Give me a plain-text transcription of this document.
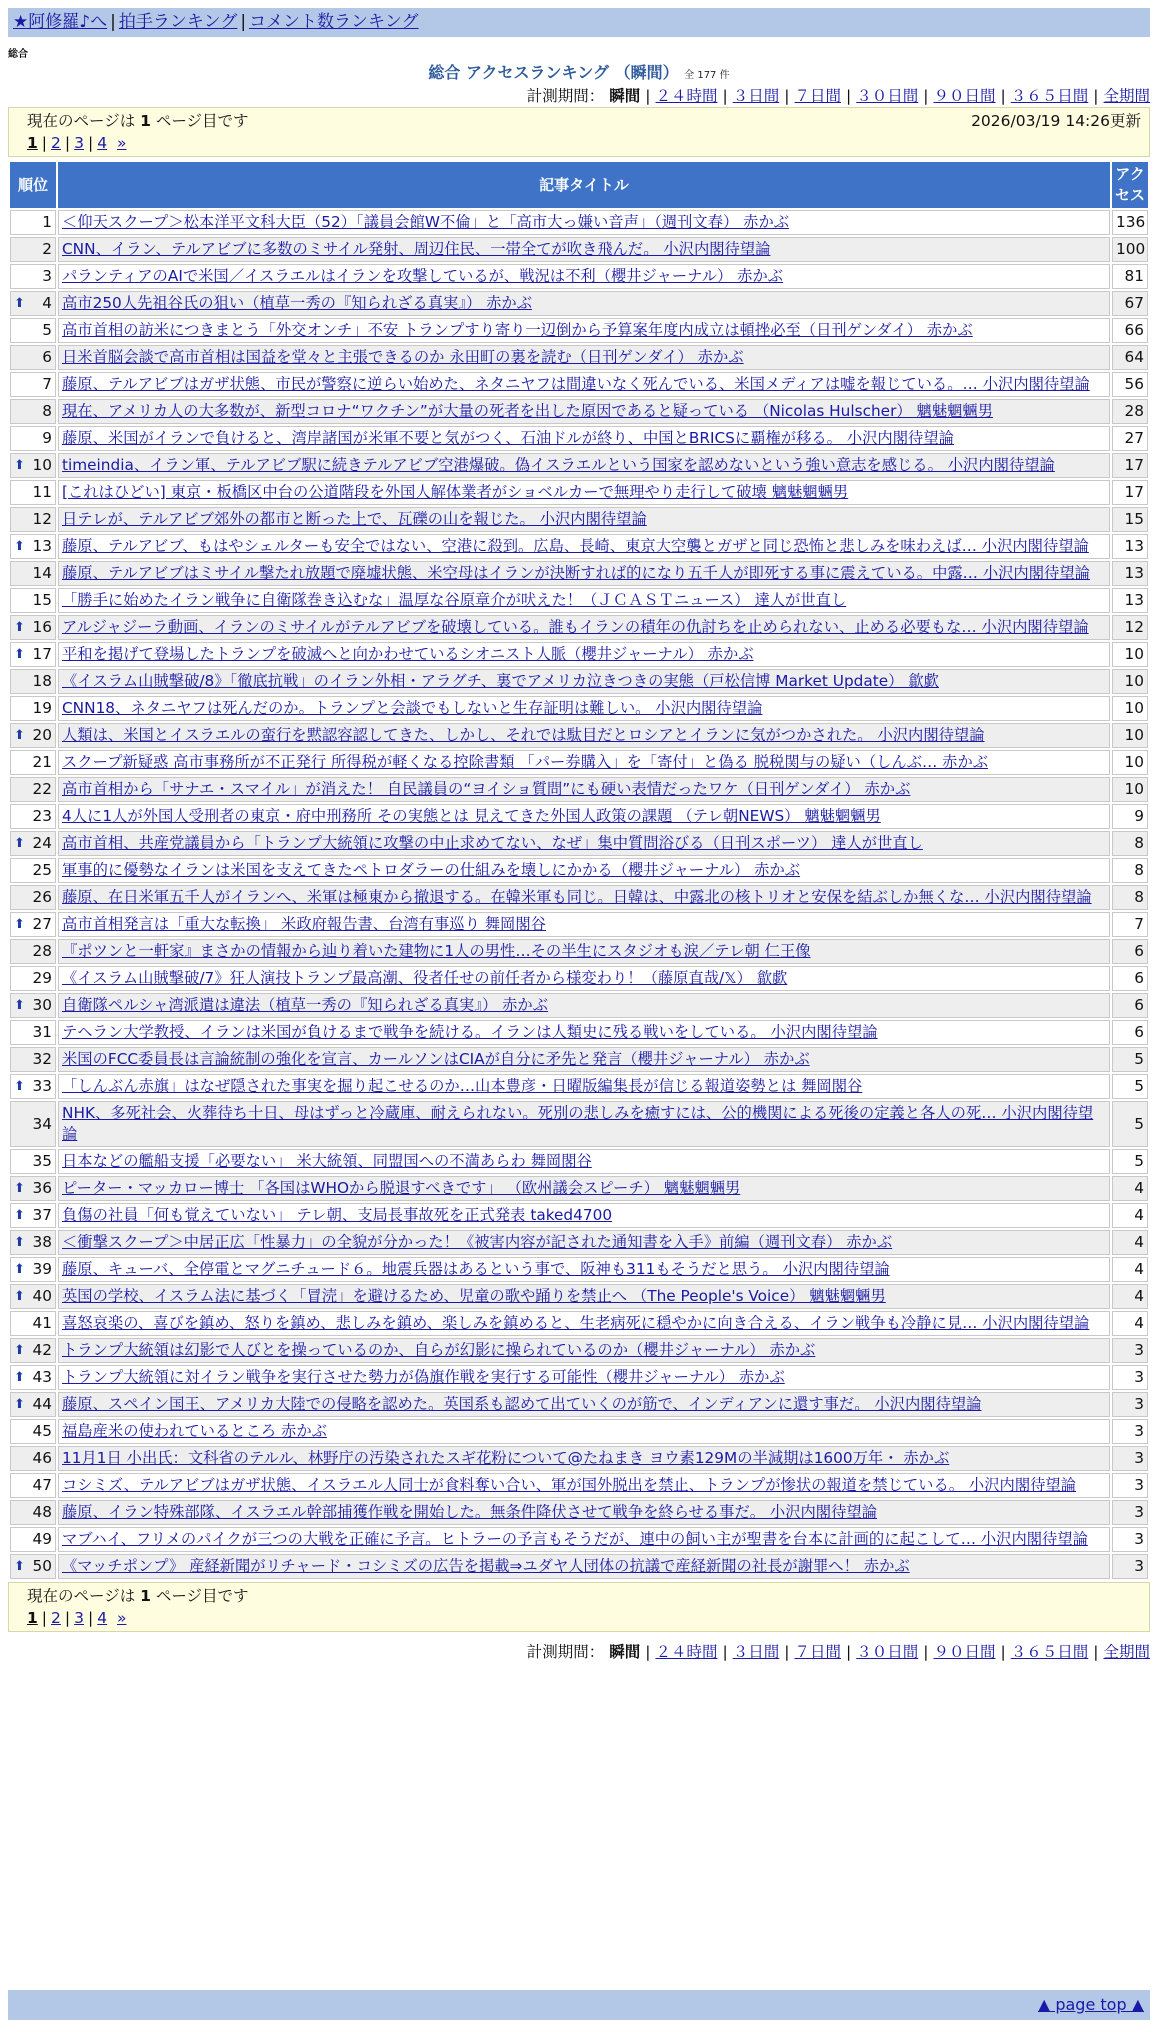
★阿修羅♪へ | 拍手ランキング | コメント数ランキング
総合
総合 アクセスランキング （瞬間） 全 177 件
計測期間： 瞬間 | ２４時間 | ３日間 | ７日間 | ３０日間 | ９０日間 | ３６５日間 | 全期間
現在のページは 1 ページ目です	2026/03/19 14:26更新
1 | 2 | 3 | 4 »
順位	記事タイトル	アクセス
1	＜仰天スクープ＞松本洋平文科大臣（52）「議員会館W不倫」と「高市大っ嫌い音声」（週刊文春） 赤かぶ	136
2	CNN、イラン、テルアビブに多数のミサイル発射、周辺住民、一帯全てが吹き飛んだ。 小沢内閣待望論	100
3	パランティアのAIで米国／イスラエルはイランを攻撃しているが、戦況は不利（櫻井ジャーナル） 赤かぶ	81

⬆ 4	高市250人先祖谷氏の狙い（植草一秀の『知られざる真実』） 赤かぶ	67
5	高市首相の訪米につきまとう「外交オンチ」不安 トランプすり寄り一辺倒から予算案年度内成立は頓挫必至（日刊ゲンダイ） 赤かぶ	66
6	日米首脳会談で高市首相は国益を堂々と主張できるのか 永田町の裏を読む（日刊ゲンダイ） 赤かぶ	64
7	藤原、テルアビブはガザ状態、市民が警察に逆らい始めた、ネタニヤフは間違いなく死んでいる、米国メディアは嘘を報じている。… 小沢内閣待望論	56
8	現在、アメリカ人の大多数が、新型コロナ“ワクチン”が大量の死者を出した原因であると疑っている （Nicolas Hulscher） 魑魅魍魎男	28
9	藤原、米国がイランで負けると、湾岸諸国が米軍不要と気がつく、石油ドルが終り、中国とBRICSに覇権が移る。 小沢内閣待望論	27

⬆ 10	timeindia、イラン軍、テルアビブ駅に続きテルアビブ空港爆破。偽イスラエルという国家を認めないという強い意志を感じる。 小沢内閣待望論	17
11	[これはひどい] 東京・板橋区中台の公道階段を外国人解体業者がショベルカーで無理やり走行して破壊 魑魅魍魎男	17
12	日テレが、テルアビブ郊外の都市と断った上で、瓦礫の山を報じた。 小沢内閣待望論	15

⬆ 13	藤原、テルアビブ、もはやシェルターも安全ではない、空港に殺到。広島、長崎、東京大空襲とガザと同じ恐怖と悲しみを味わえば… 小沢内閣待望論	13
14	藤原、テルアビブはミサイル撃たれ放題で廃墟状態、米空母はイランが決断すれば的になり五千人が即死する事に震えている。中露… 小沢内閣待望論	13
15	「勝手に始めたイラン戦争に自衛隊巻き込むな」温厚な谷原章介が吠えた！（ＪＣＡＳＴニュース） 達人が世直し	13

⬆ 16	アルジャジーラ動画、イランのミサイルがテルアビブを破壊している。誰もイランの積年の仇討ちを止められない、止める必要もな… 小沢内閣待望論	12

⬆ 17	平和を掲げて登場したトランプを破滅へと向かわせているシオニスト人脈（櫻井ジャーナル） 赤かぶ	10
18	《イスラム山賊撃破/8》「徹底抗戦」のイラン外相・アラグチ、裏でアメリカ泣きつきの実態（戸松信博 Market Update） 歙歔	10
19	CNN18、ネタニヤフは死んだのか。トランプと会談でもしないと生存証明は難しい。 小沢内閣待望論	10

⬆ 20	人類は、米国とイスラエルの蛮行を黙認容認してきた、しかし、それでは駄目だとロシアとイランに気がつかされた。 小沢内閣待望論	10
21	スクープ新疑惑 高市事務所が不正発行 所得税が軽くなる控除書類 「パー券購入」を「寄付」と偽る 脱税関与の疑い（しんぶ… 赤かぶ	10
22	高市首相から「サナエ・スマイル」が消えた！ 自民議員の“ヨイショ質問”にも硬い表情だったワケ（日刊ゲンダイ） 赤かぶ	10
23	4人に1人が外国人受刑者の東京・府中刑務所 その実態とは 見えてきた外国人政策の課題 （テレ朝NEWS） 魑魅魍魎男	9

⬆ 24	高市首相、共産党議員から「トランプ大統領に攻撃の中止求めてない、なぜ」集中質問浴びる（日刊スポーツ） 達人が世直し	8
25	軍事的に優勢なイランは米国を支えてきたペトロダラーの仕組みを壊しにかかる（櫻井ジャーナル） 赤かぶ	8
26	藤原、在日米軍五千人がイランへ、米軍は極東から撤退する。在韓米軍も同じ。日韓は、中露北の核トリオと安保を結ぶしか無くな… 小沢内閣待望論	8

⬆ 27	高市首相発言は「重大な転換」 米政府報告書、台湾有事巡り 舞岡閣谷	7
28	『ポツンと一軒家』まさかの情報から辿り着いた建物に1人の男性…その半生にスタジオも涙／テレ朝 仁王像	6
29	《イスラム山賊撃破/7》狂人演技トランプ最高潮、役者任せの前任者から様変わり！（藤原直哉/𝕏） 歙歔	6

⬆ 30	自衛隊ペルシャ湾派遣は違法（植草一秀の『知られざる真実』） 赤かぶ	6
31	テヘラン大学教授、イランは米国が負けるまで戦争を続ける。イランは人類史に残る戦いをしている。 小沢内閣待望論	6
32	米国のFCC委員長は言論統制の強化を宣言、カールソンはCIAが自分に矛先と発言（櫻井ジャーナル） 赤かぶ	5

⬆ 33	「しんぶん赤旗」はなぜ隠された事実を掘り起こせるのか…山本豊彦・日曜版編集長が信じる報道姿勢とは 舞岡閣谷	5
34	NHK、多死社会、火葬待ち十日、母はずっと冷蔵庫、耐えられない。死別の悲しみを癒すには、公的機関による死後の定義と各人の死… 小沢内閣待望論	5
35	日本などの艦船支援「必要ない」 米大統領、同盟国への不満あらわ 舞岡閣谷	5

⬆ 36	ピーター・マッカロー博士 「各国はWHOから脱退すべきです」 （欧州議会スピーチ） 魑魅魍魎男	4

⬆ 37	負傷の社員「何も覚えていない」 テレ朝、支局長事故死を正式発表 taked4700	4

⬆ 38	＜衝撃スクープ＞中居正広「性暴力」の全貌が分かった！《被害内容が記された通知書を入手》前編（週刊文春） 赤かぶ	4

⬆ 39	藤原、キューバ、全停電とマグニチュード６。地震兵器はあるという事で、阪神も311もそうだと思う。 小沢内閣待望論	4

⬆ 40	英国の学校、イスラム法に基づく「冒涜」を避けるため、児童の歌や踊りを禁止へ （The People's Voice） 魑魅魍魎男	4
41	喜怒哀楽の、喜びを鎮め、怒りを鎮め、悲しみを鎮め、楽しみを鎮めると、生老病死に穏やかに向き合える、イラン戦争も冷静に見… 小沢内閣待望論	4

⬆ 42	トランプ大統領は幻影で人びとを操っているのか、自らが幻影に操られているのか（櫻井ジャーナル） 赤かぶ	3

⬆ 43	トランプ大統領に対イラン戦争を実行させた勢力が偽旗作戦を実行する可能性（櫻井ジャーナル） 赤かぶ	3

⬆ 44	藤原、スペイン国王、アメリカ大陸での侵略を認めた。英国系も認めて出ていくのが筋で、インディアンに還す事だ。 小沢内閣待望論	3
45	福島産米の使われているところ 赤かぶ	3
46	11月1日 小出氏：文科省のテルル、林野庁の汚染されたスギ花粉について@たねまき ヨウ素129Mの半減期は1600万年・ 赤かぶ	3
47	コシミズ、テルアビブはガザ状態、イスラエル人同士が食料奪い合い、軍が国外脱出を禁止、トランプが惨状の報道を禁じている。 小沢内閣待望論	3
48	藤原、イラン特殊部隊、イスラエル幹部捕獲作戦を開始した。無条件降伏させて戦争を終らせる事だ。 小沢内閣待望論	3
49	マブハイ、フリメのパイクが三つの大戦を正確に予言。ヒトラーの予言もそうだが、連中の飼い主が聖書を台本に計画的に起こして… 小沢内閣待望論	3

⬆ 50	《マッチポンプ》 産経新聞がリチャード・コシミズの広告を掲載⇒ユダヤ人団体の抗議で産経新聞の社長が謝罪へ！ 赤かぶ	3
現在のページは 1 ページ目です
1 | 2 | 3 | 4 »
計測期間： 瞬間 | ２４時間 | ３日間 | ７日間 | ３０日間 | ９０日間 | ３６５日間 | 全期間
▲ page top ▲
